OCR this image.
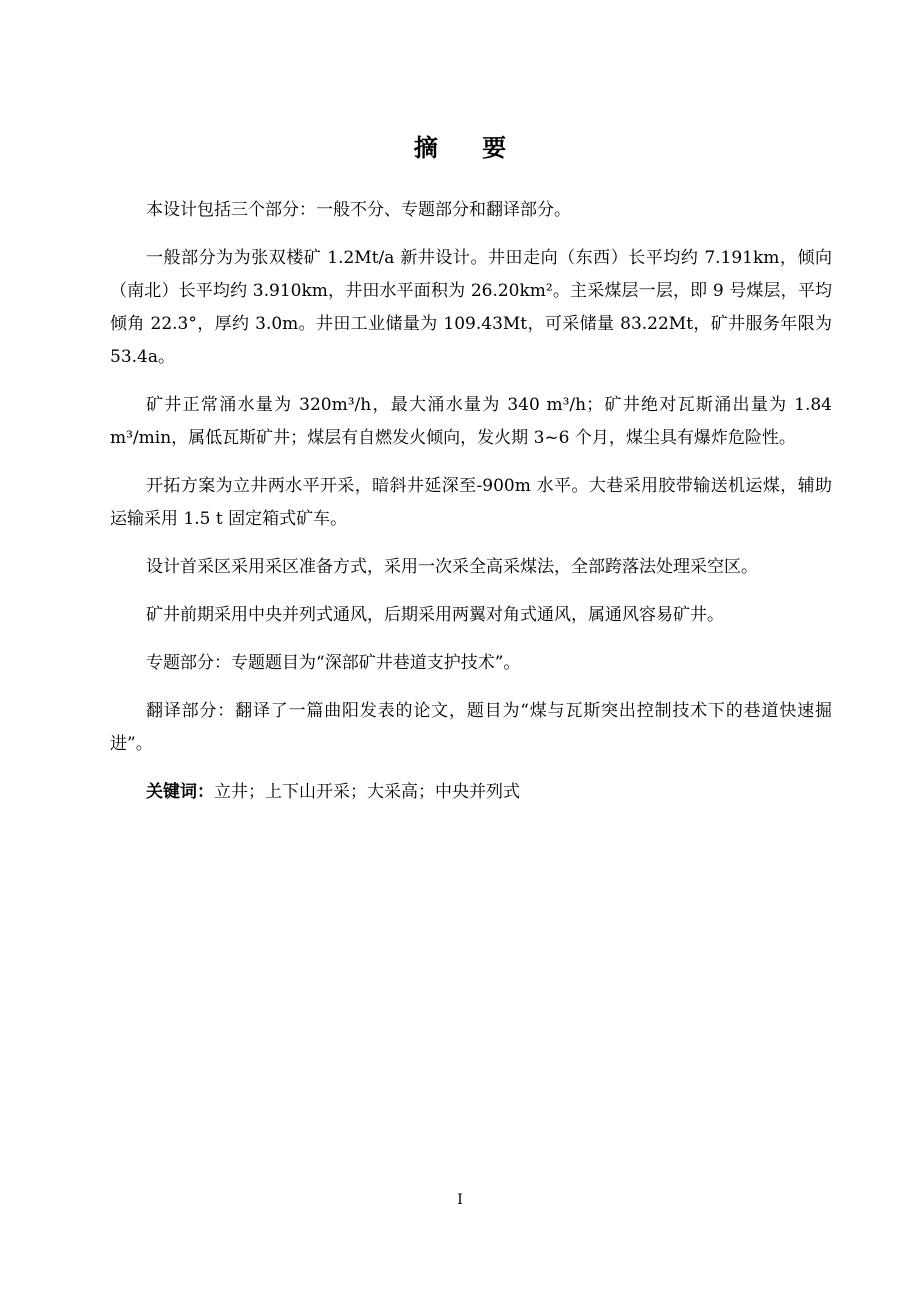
摘 要

本设计包括三个部分：一般不分、专题部分和翻译部分。

一般部分为为张双楼矿 1.2Mt/a 新井设计。井田走向（东西）长平均约 7.191km，倾向（南北）长平均约 3.910km，井田水平面积为 26.20km²。主采煤层一层，即 9 号煤层，平均倾角 22.3°，厚约 3.0m。井田工业储量为 109.43Mt，可采储量 83.22Mt，矿井服务年限为 53.4a。

矿井正常涌水量为 320m³/h，最大涌水量为 340 m³/h；矿井绝对瓦斯涌出量为 1.84 m³/min，属低瓦斯矿井；煤层有自燃发火倾向，发火期 3~6 个月，煤尘具有爆炸危险性。

开拓方案为立井两水平开采，暗斜井延深至-900m 水平。大巷采用胶带输送机运煤，辅助运输采用 1.5 t 固定箱式矿车。

设计首采区采用采区准备方式，采用一次采全高采煤法，全部跨落法处理采空区。

矿井前期采用中央并列式通风，后期采用两翼对角式通风，属通风容易矿井。

专题部分：专题题目为“深部矿井巷道支护技术”。

翻译部分：翻译了一篇曲阳发表的论文，题目为“煤与瓦斯突出控制技术下的巷道快速掘进”。

关键词：立井；上下山开采；大采高；中央并列式

I
